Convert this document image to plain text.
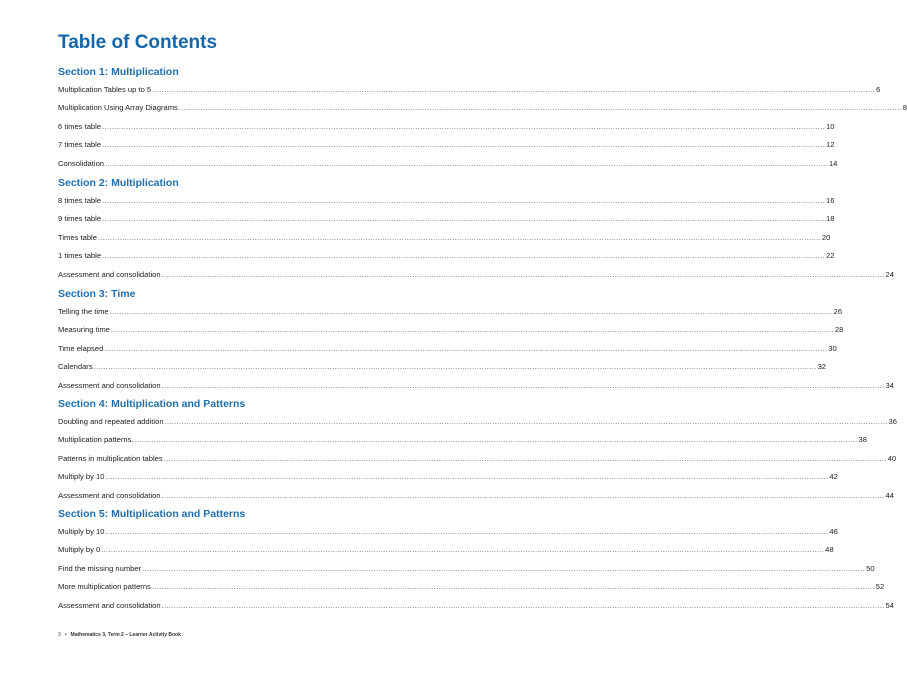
Table of Contents
Section 1: Multiplication
Multiplication Tables up to 5 ............................................................................................................................................................................................................................................................................................................ 6
Multiplication Using Array Diagrams ............................................................................................................................................................................................................................................................................................................ 8
6 times table ............................................................................................................................................................................................................................................................................................................ 10
7 times table ............................................................................................................................................................................................................................................................................................................ 12
Consolidation ............................................................................................................................................................................................................................................................................................................ 14
Section 2: Multiplication
8 times table ............................................................................................................................................................................................................................................................................................................ 16
9 times table ............................................................................................................................................................................................................................................................................................................ 18
Times table ............................................................................................................................................................................................................................................................................................................ 20
1 times table ............................................................................................................................................................................................................................................................................................................ 22
Assessment and consolidation ............................................................................................................................................................................................................................................................................................................ 24
Section 3: Time
Telling the time ............................................................................................................................................................................................................................................................................................................ 26
Measuring time ............................................................................................................................................................................................................................................................................................................ 28
Time elapsed ............................................................................................................................................................................................................................................................................................................ 30
Calendars ............................................................................................................................................................................................................................................................................................................ 32
Assessment and consolidation ............................................................................................................................................................................................................................................................................................................ 34
Section 4: Multiplication and Patterns
Doubling and repeated addition ............................................................................................................................................................................................................................................................................................................ 36
Multiplication patterns. ............................................................................................................................................................................................................................................................................................................ 38
Patterns in multiplication tables ............................................................................................................................................................................................................................................................................................................ 40
Multiply by 10 ............................................................................................................................................................................................................................................................................................................ 42
Assessment and consolidation ............................................................................................................................................................................................................................................................................................................ 44
Section 5: Multiplication and Patterns
Multiply by 10 ............................................................................................................................................................................................................................................................................................................ 46
Multiply by 0 ............................................................................................................................................................................................................................................................................................................ 48
Find the missing number ............................................................................................................................................................................................................................................................................................................ 50
More multiplication patterns ............................................................................................................................................................................................................................................................................................................ 52
Assessment and consolidation ............................................................................................................................................................................................................................................................................................................ 54
3 • Mathematics 3, Term 2 – Learner Activity Book
